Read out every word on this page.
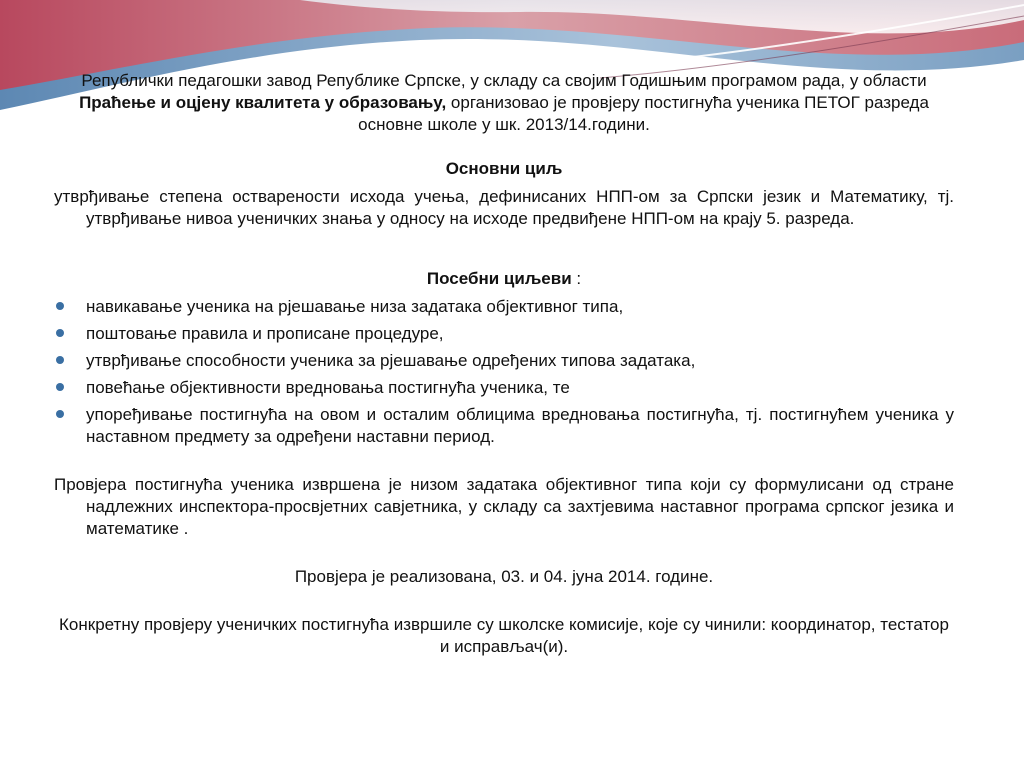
Републички педагошки завод Републике Српске, у складу са својим Годишњим програмом рада, у области Праћење и оцјену квалитета у образовању, организовао је провјеру постигнућа ученика ПЕТОГ разреда основне школе у шк. 2013/14.години.
Основни циљ
утврђивање степена остварености исхода учења, дефинисаних НПП-ом за Српски језик и Математику, тј. утврђивање нивоа ученичких знања у односу на исходе предвиђене НПП-ом на крају 5. разреда.
Посебни циљеви :
навикавање ученика на рјешавање низа задатака објективног типа,
поштовање правила и прописане процедуре,
утврђивање способности ученика за рјешавање одређених типова задатака,
повећање објективности вредновања постигнућа ученика, те
упоређивање постигнућа на овом и осталим облицима вредновања постигнућа, тј. постигнућем ученика у наставном предмету за одређени наставни период.
Провјера постигнућа ученика извршена је низом задатака објективног типа који су формулисани од стране надлежних инспектора-просвјетних савјетника, у складу са захтјевима наставног програма српског језика и математике .
Провјера је реализована, 03. и 04. јуна 2014. године.
Конкретну провјеру ученичких постигнућа извршиле су школске комисије, које су чинили: координатор, тестатор и исправљач(и).
